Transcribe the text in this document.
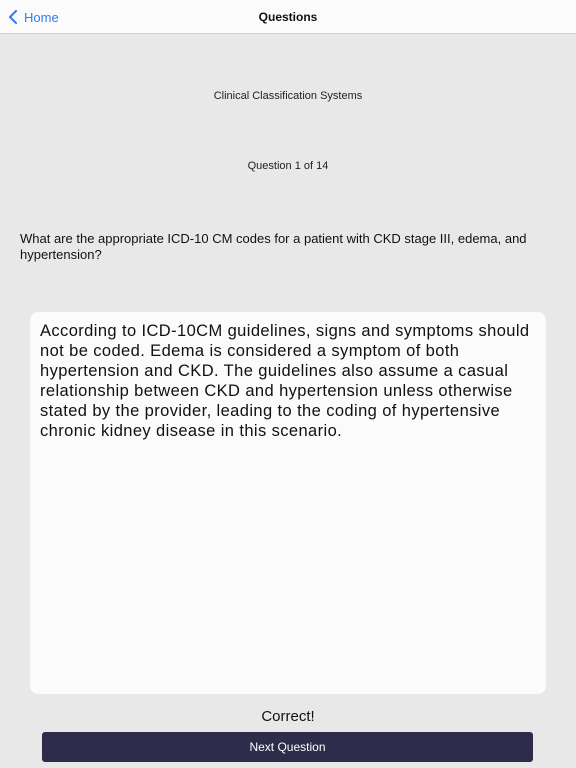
Home	Questions
Clinical Classification Systems
Question 1 of 14
What are the appropriate ICD-10 CM codes for a patient with CKD stage III, edema, and hypertension?
According to ICD-10CM guidelines, signs and symptoms should not be coded. Edema is considered a symptom of both hypertension and CKD. The guidelines also assume a casual relationship between CKD and hypertension unless otherwise stated by the provider, leading to the coding of hypertensive chronic kidney disease in this scenario.
Correct!
Next Question
